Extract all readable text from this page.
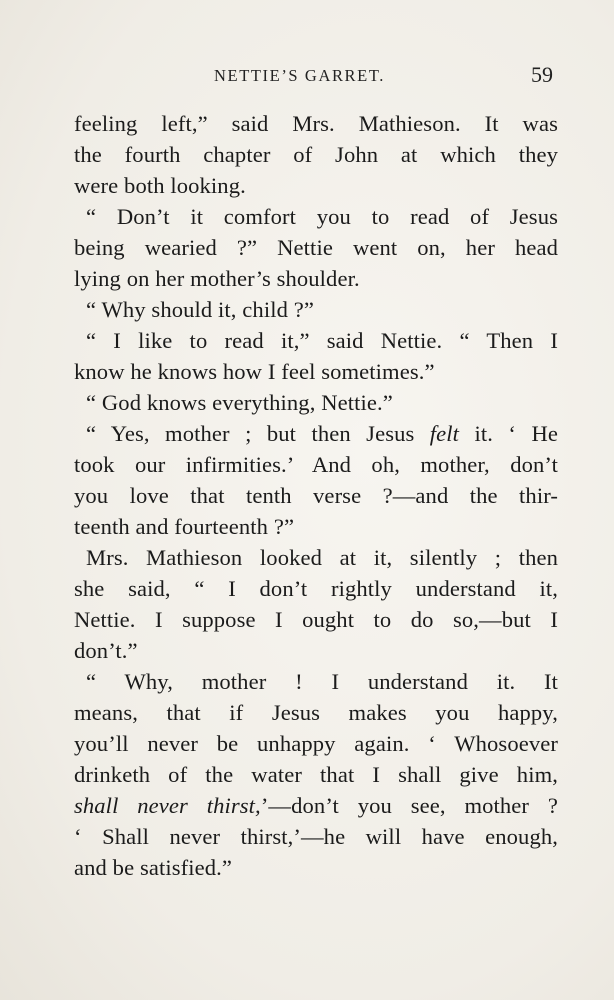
NETTIE’S GARRET.	59
feeling left,” said Mrs. Mathieson. It was
the fourth chapter of John at which they
were both looking.
“ Don’t it comfort you to read of Jesus
being wearied ?” Nettie went on, her head
lying on her mother’s shoulder.
“ Why should it, child ?”
“ I like to read it,” said Nettie. “ Then I
know he knows how I feel sometimes.”
“ God knows everything, Nettie.”
“ Yes, mother ; but then Jesus felt it. ‘ He
took our infirmities.’ And oh, mother, don’t
you love that tenth verse ?—and the thir-
teenth and fourteenth ?”
Mrs. Mathieson looked at it, silently ; then
she said, “ I don’t rightly understand it,
Nettie. I suppose I ought to do so,—but I
don’t.”
“ Why, mother ! I understand it. It
means, that if Jesus makes you happy,
you’ll never be unhappy again. ‘ Whosoever
drinketh of the water that I shall give him,
shall never thirst,’—don’t you see, mother ?
‘ Shall never thirst,’—he will have enough,
and be satisfied.”
